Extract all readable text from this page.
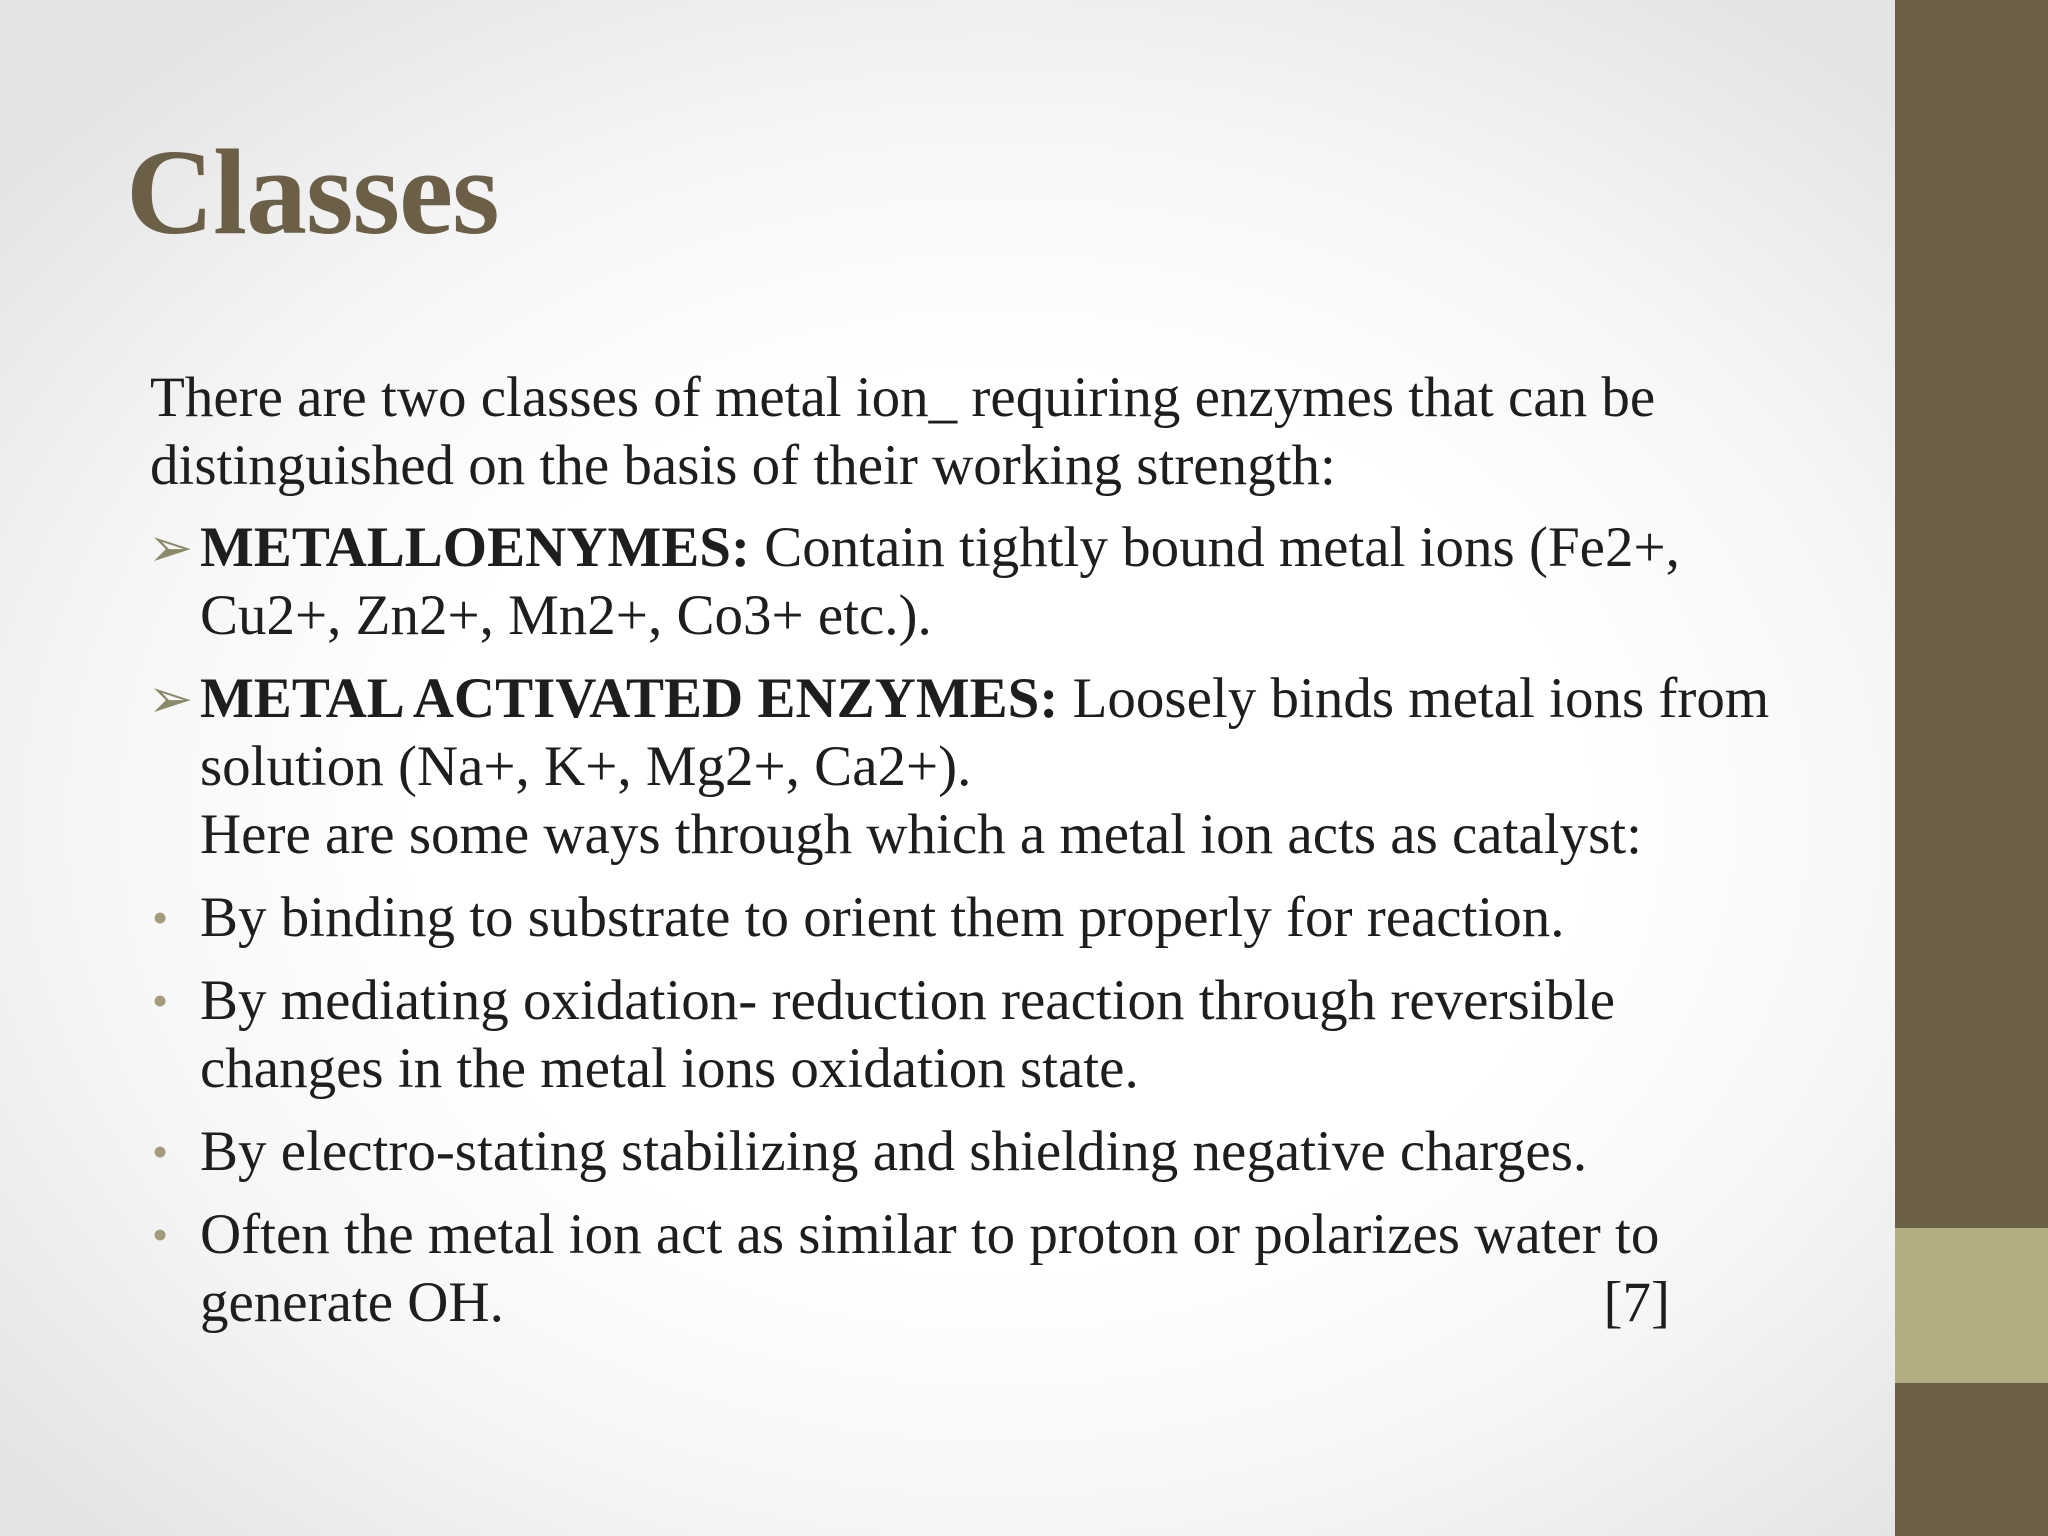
Classes

There are two classes of metal ion_ requiring enzymes that can be distinguished on the basis of their working strength:

➢ METALLOENYMES: Contain tightly bound metal ions (Fe2+, Cu2+, Zn2+, Mn2+, Co3+ etc.).
➢ METAL ACTIVATED ENZYMES: Loosely binds metal ions from solution (Na+, K+, Mg2+, Ca2+).
Here are some ways through which a metal ion acts as catalyst:
• By binding to substrate to orient them properly for reaction.
• By mediating oxidation- reduction reaction through reversible changes in the metal ions oxidation state.
• By electro-stating stabilizing and shielding negative charges.
• Often the metal ion act as similar to proton or polarizes water to generate OH.	[7]
